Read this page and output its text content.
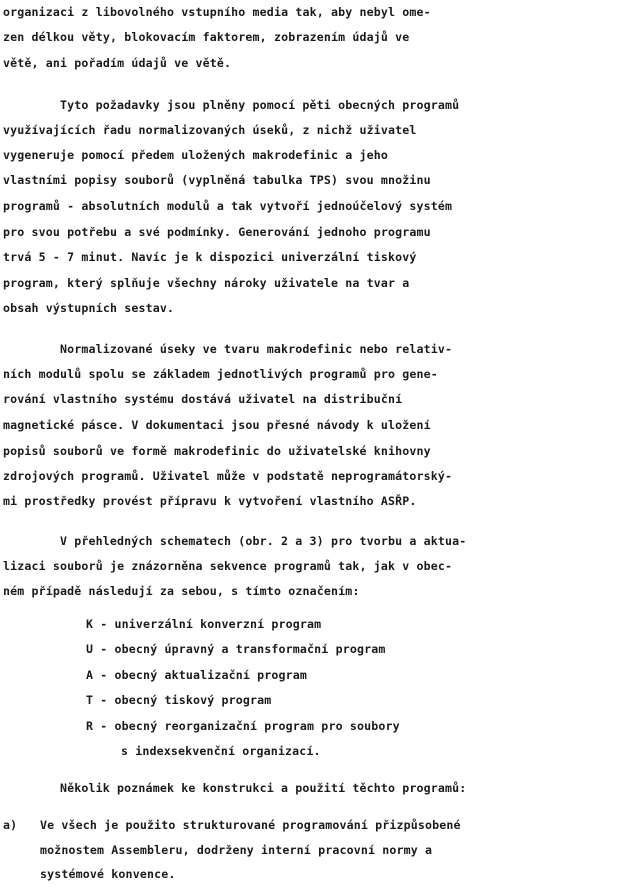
organizaci z libovolného vstupního media tak, aby nebyl ome-
zen délkou věty, blokovacím faktorem, zobrazením údajů ve
větě, ani pořadím údajů ve větě.
Tyto požadavky jsou plněny pomocí pěti obecných programů
využívajících řadu normalizovaných úseků, z nichž uživatel
vygeneruje pomocí předem uložených makrodefinic a jeho
vlastními popisy souborů (vyplněná tabulka TPS) svou množinu
programů - absolutních modulů a tak vytvoří jednoúčelový systém
pro svou potřebu a své podmínky. Generování jednoho programu
trvá 5 - 7 minut. Navíc je k dispozici univerzální tiskový
program, který splňuje všechny nároky uživatele na tvar a
obsah výstupních sestav.
Normalizované úseky ve tvaru makrodefinic nebo relativ-
ních modulů spolu se základem jednotlivých programů pro gene-
rování vlastního systému dostává uživatel na distribuční
magnetické pásce. V dokumentaci jsou přesné návody k uložení
popisů souborů ve formě makrodefinic do uživatelské knihovny
zdrojových programů. Uživatel může v podstatě neprogramátorský-
mi prostředky provést přípravu k vytvoření vlastního ASŘP.
V přehledných schematech (obr. 2 a 3) pro tvorbu a aktua-
lizaci souborů je znázorněna sekvence programů tak, jak v obec-
ném případě následují za sebou, s tímto označením:
K - univerzální konverzní program
U - obecný úpravný a transformační program
A - obecný aktualizační program
T - obecný tiskový program
R - obecný reorganizační program pro soubory
s indexsekvenční organizací.
Několik poznámek ke konstrukci a použití těchto programů:
a) Ve všech je použito strukturované programování přizpůsobené
možnostem Assembleru, dodrženy interní pracovní normy a
systémové konvence.
